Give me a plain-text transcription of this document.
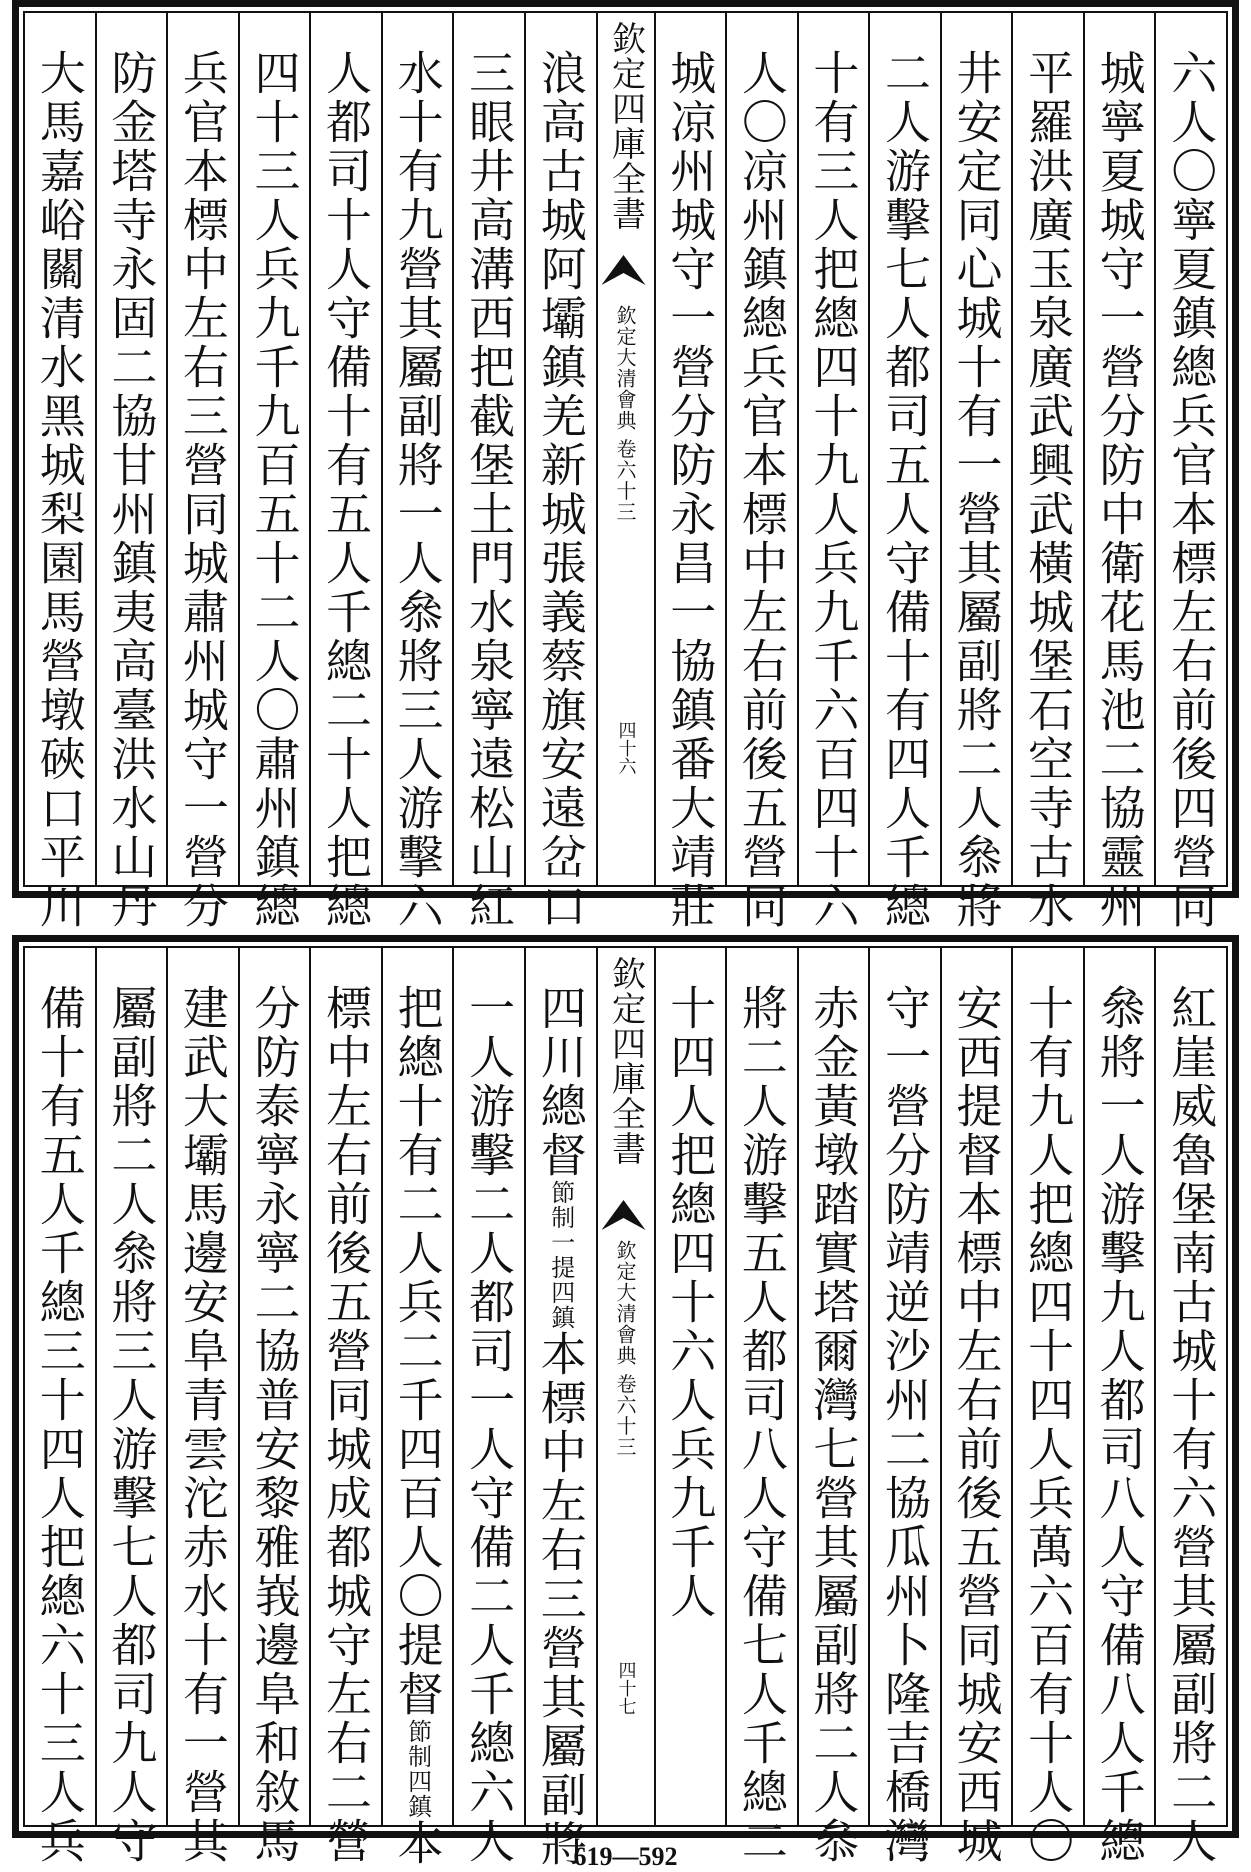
六人〇寧夏鎮總兵官本標左右前後四營同
城寧夏城守一營分防中衛花馬池二協靈州
平羅洪廣玉泉廣武興武橫城堡石空寺古水
井安定同心城十有一營其屬副將二人叅將
二人游擊七人都司五人守備十有四人千總
十有三人把總四十九人兵九千六百四十六
人〇凉州鎮總兵官本標中左右前後五營同
城凉州城守一營分防永昌一協鎮番大靖莊
欽定四庫全書
欽定大清會典 卷六十三
四十六
浪高古城阿壩鎮羌新城張義蔡旗安遠岔口
三眼井高溝西把截堡土門水泉寧遠松山紅
水十有九營其屬副將一人叅將三人游擊六
人都司十人守備十有五人千總二十人把總
四十三人兵九千九百五十二人〇肅州鎮總
兵官本標中左右三營同城肅州城守一營分
防金塔寺永固二協甘州鎮夷高臺洪水山丹
大馬嘉峪關清水黑城梨園馬營墩硤口平川
紅崖威魯堡南古城十有六營其屬副將二人
叅將一人游擊九人都司八人守備八人千總
十有九人把總四十四人兵萬六百有十人〇
安西提督本標中左右前後五營同城安西城
守一營分防靖逆沙州二協瓜州卜隆吉橋灣
赤金黃墩踏實塔爾灣七營其屬副將二人叅
將二人游擊五人都司八人守備七人千總二
十四人把總四十六人兵九千人
欽定四庫全書
欽定大清會典 卷六十三
四十七
四川總督
節制一提四鎮
本標中左右三營其屬副將
一人游擊二人都司一人守備二人千總六人
把總十有二人兵二千四百人〇提督
節制四鎮
本
標中左右前後五營同城成都城守左右二營
分防泰寧永寧二協普安黎雅峩邊阜和敘馬
建武大壩馬邊安阜青雲沱赤水十有一營其
屬副將二人叅將三人游擊七人都司九人守
備十有五人千總三十四人把總六十三人兵	619—592
